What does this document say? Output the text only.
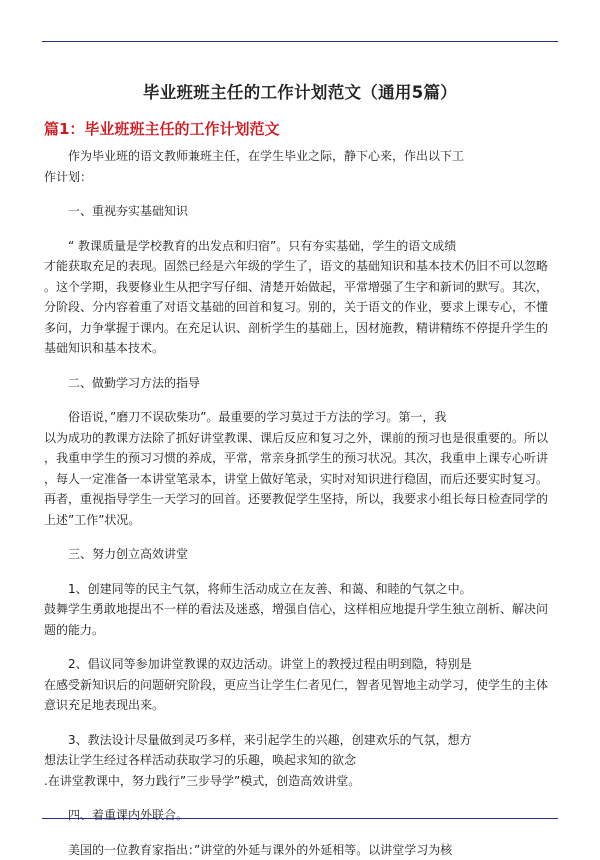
毕业班班主任的工作计划范文（通用5篇）
篇1：毕业班班主任的工作计划范文
作为毕业班的语文教师兼班主任，在学生毕业之际，静下心来，作出以下工
作计划：
一、重视夯实基础知识
“ 教课质量是学校教育的出发点和归宿”。只有夯实基础，学生的语文成绩
才能获取充足的表现。固然已经是六年级的学生了，语文的基础知识和基本技术仍旧不可以忽略
。这个学期，我要修业生从把字写仔细、清楚开始做起，平常增强了生字和新词的默写。其次，
分阶段、分内容着重了对语文基础的回首和复习。别的，关于语文的作业，要求上课专心，不懂
多问，力争掌握于课内。在充足认识、剖析学生的基础上，因材施教，精讲精练不停提升学生的
基础知识和基本技术。
二、做勤学习方法的指导
俗语说，”磨刀不误砍柴功”。最重要的学习莫过于方法的学习。第一，我
以为成功的教课方法除了抓好讲堂教课、课后反应和复习之外，课前的预习也是很重要的。所以
，我重申学生的预习习惯的养成，平常，常亲身抓学生的预习状况。其次，我重申上课专心听讲
，每人一定准备一本讲堂笔录本，讲堂上做好笔录，实时对知识进行稳固，而后还要实时复习。
再者，重视指导学生一天学习的回首。还要教促学生坚持，所以，我要求小组长每日检查同学的
上述”工作”状况。
三、努力创立高效讲堂
1、创建同等的民主气氛，将师生活动成立在友善、和蔼、和睦的气氛之中。
鼓舞学生勇敢地提出不一样的看法及迷惑，增强自信心，这样相应地提升学生独立剖析、解决问
题的能力。
2、倡议同等参加讲堂教课的双边活动。讲堂上的教授过程由明到隐，特别是
在感受新知识后的问题研究阶段，更应当让学生仁者见仁，智者见智地主动学习，使学生的主体
意识充足地表现出来。
3、教法设计尽量做到灵巧多样，来引起学生的兴趣，创建欢乐的气氛，想方
想法让学生经过各样活动获取学习的乐趣，唤起求知的欲念
.在讲堂教课中，努力践行”三步导学”模式，创造高效讲堂。
四、着重课内外联合。
美国的一位教育家指出：”讲堂的外延与课外的外延相等。以讲堂学习为核
